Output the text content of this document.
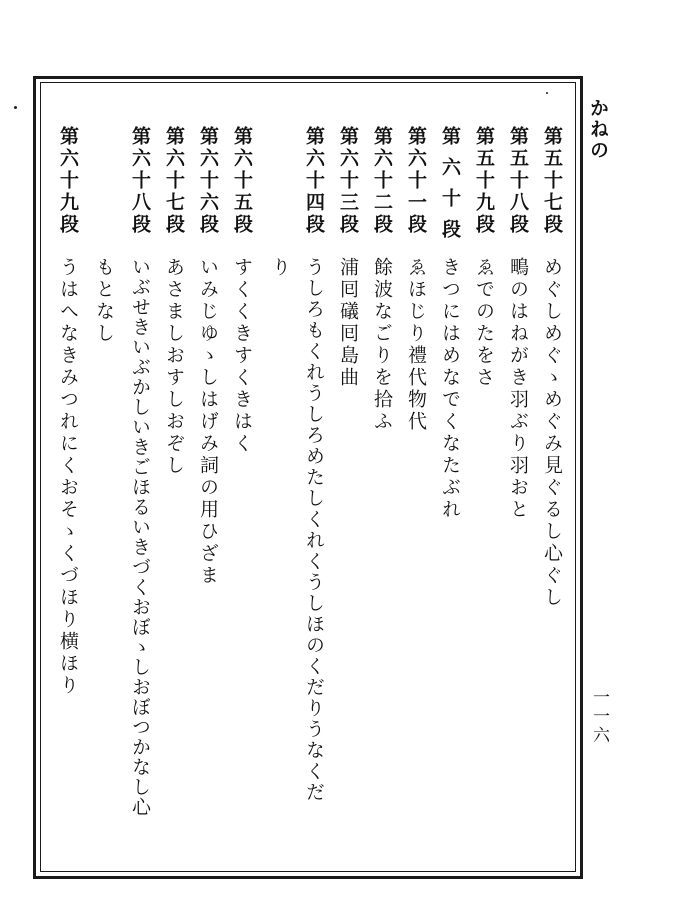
かねの
一一六
第五十七段
めぐしめぐゝめぐみ見ぐるし心ぐし
第五十八段
鴫のはねがき羽ぶり羽おと
第五十九段
ゑでのたをさ
第六十段
きつにはめなでくなたぶれ
第六十一段
ゑほじり禮代物代
第六十二段
餘波なごりを拾ふ
第六十三段
浦囘礒囘島曲
第六十四段
うしろもくれうしろめたしくれくうしほのくだりうなくだ
り
第六十五段
すくくきすくきはく
第六十六段
いみじゆゝしはげみ詞の用ひざま
第六十七段
あさましおすしおぞし
第六十八段
いぶせきいぶかしいきごほるいきづくおぼゝしおぼつかなし心
もとなし
第六十九段
うはへなきみつれにくおそゝくづほり横ほり
